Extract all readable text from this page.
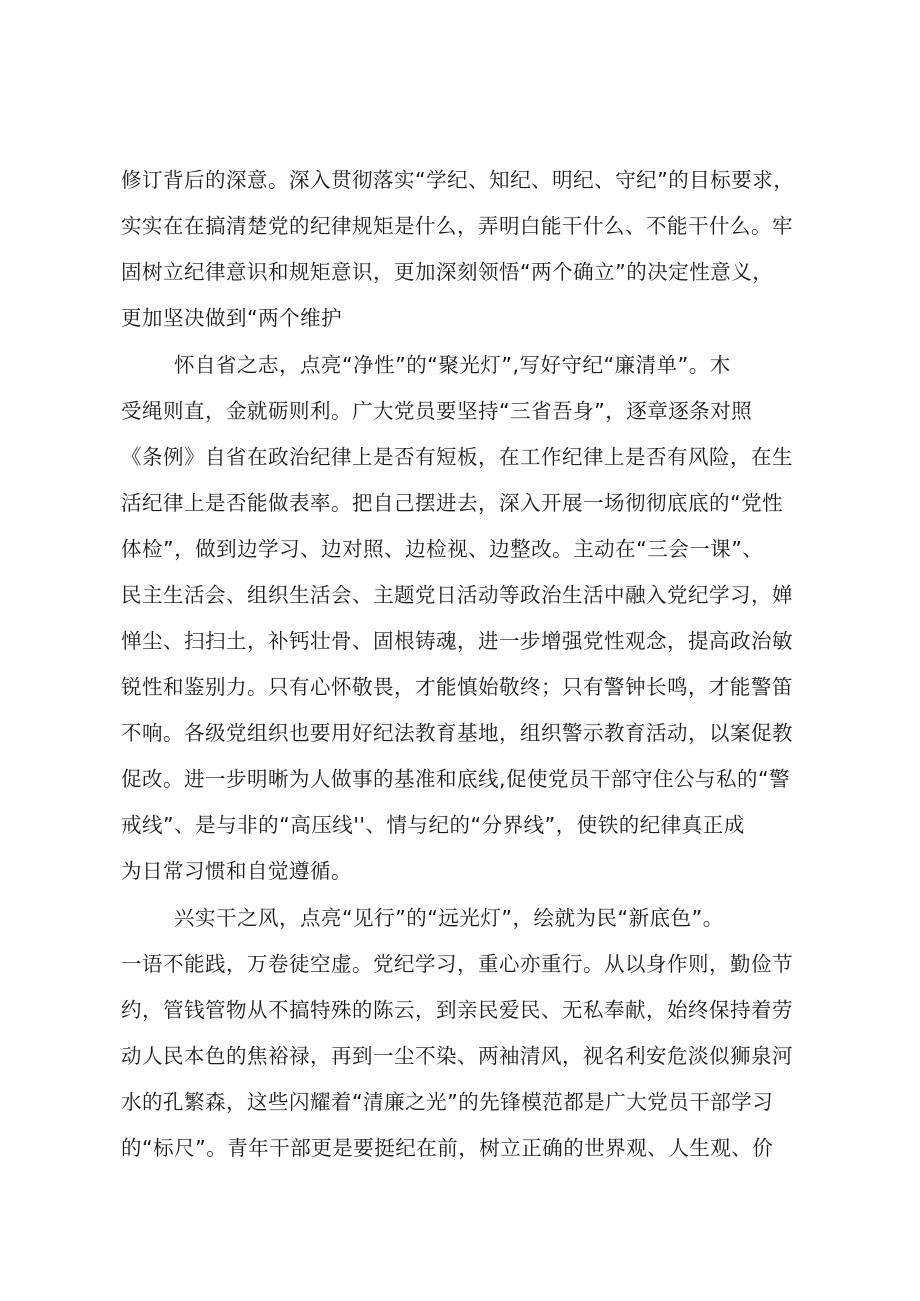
修订背后的深意。深入贯彻落实“学纪、知纪、明纪、守纪”的目标要求，
实实在在搞清楚党的纪律规矩是什么，弄明白能干什么、不能干什么。牢
固树立纪律意识和规矩意识，更加深刻领悟“两个确立”的决定性意义，
更加坚决做到“两个维护
怀自省之志，点亮“净性”的“聚光灯”,写好守纪“廉清单”。木
受绳则直，金就砺则利。广大党员要坚持“三省吾身”，逐章逐条对照
《条例》自省在政治纪律上是否有短板，在工作纪律上是否有风险，在生
活纪律上是否能做表率。把自己摆进去，深入开展一场彻彻底底的“党性
体检”，做到边学习、边对照、边检视、边整改。主动在“三会一课”、
民主生活会、组织生活会、主题党日活动等政治生活中融入党纪学习，婵
惮尘、扫扫土，补钙壮骨、固根铸魂，进一步增强党性观念，提高政治敏
锐性和鉴别力。只有心怀敬畏，才能慎始敬终；只有警钟长鸣，才能警笛
不响。各级党组织也要用好纪法教育基地，组织警示教育活动，以案促教
促改。进一步明晰为人做事的基准和底线,促使党员干部守住公与私的“警
戒线”、是与非的“高压线''、情与纪的“分界线”，使铁的纪律真正成
为日常习惯和自觉遵循。
兴实干之风，点亮“见行”的“远光灯”，绘就为民“新底色”。
一语不能践，万卷徒空虚。党纪学习，重心亦重行。从以身作则，勤俭节
约，管钱管物从不搞特殊的陈云，到亲民爱民、无私奉献，始终保持着劳
动人民本色的焦裕禄，再到一尘不染、两袖清风，视名利安危淡似狮泉河
水的孔繁森，这些闪耀着“清廉之光”的先锋模范都是广大党员干部学习
的“标尺”。青年干部更是要挺纪在前，树立正确的世界观、人生观、价
